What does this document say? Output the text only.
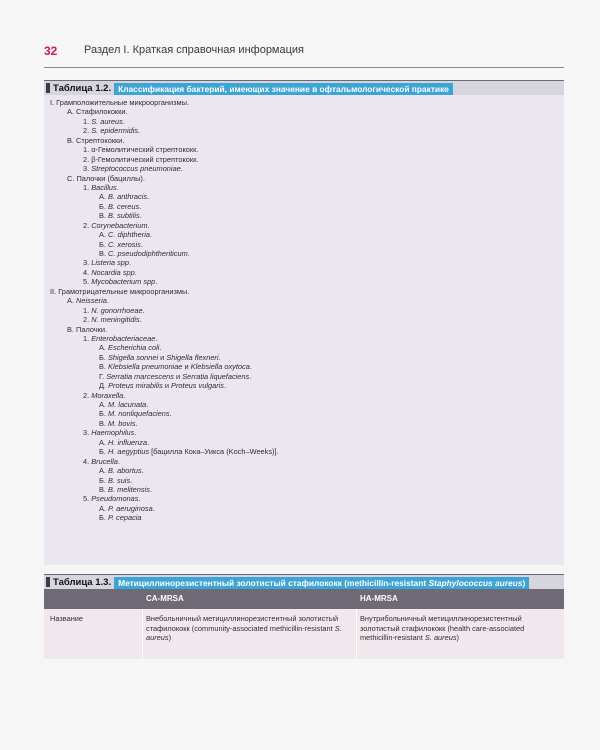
32 Раздел I. Краткая справочная информация
Таблица 1.2. Классификация бактерий, имеющих значение в офтальмологической практике

I. Грамположительные микроорганизмы.
А. Стафилококки.
1. S. aureus.
2. S. epidermidis.
В. Стрептококки.
1. α-Гемолитический стрептококк.
2. β-Гемолитический стрептококк.
3. Streptococcus pneumoniae.
С. Палочки (бациллы).
1. Bacillus.
А. B. anthracis.
Б. B. cereus.
В. B. subtilis.
2. Corynebacterium.
А. C. diphtheria.
Б. C. xerosis.
В. C. pseudodiphtheriticum.
3. Listeria spp.
4. Nocardia spp.
5. Mycobacterium spp.
II. Грамотрицательные микроорганизмы.
А. Neisseria.
1. N. gonorrhoeae.
2. N. meningitidis.
В. Палочки.
1. Enterobacteriaceae.
А. Escherichia coli.
Б. Shigella sonnei и Shigella flexneri.
В. Klebsiella pneumoniae и Klebsiella oxytoca.
Г. Serratia marcescens и Serratia liquefaciens.
Д. Proteus mirabilis и Proteus vulgaris.
2. Moraxella.
А. M. lacunata.
Б. M. nonliquefaciens.
В. M. bovis.
3. Haemophilus.
А. H. influenza.
Б. H. aegyptius [бацилла Кока–Уикса (Koch–Weeks)].
4. Brucella.
А. B. abortus.
Б. B. suis.
В. B. melitensis.
5. Pseudomonas.
А. P. aeruginosa.
Б. P. cepacia
Таблица 1.3. Метициллинорезистентный золотистый стафилококк (methicillin-resistant Staphylococcus aureus)
CA-MRSA	HA-MRSA
Название	Внебольничный метициллинорезистентный золотистый стафилококк (community-associated methicillin-resistant S. aureus)
Внутрибольничный метициллинорезистентный золотистый стафилококк (health care-associated methicillin-resistant S. aureus)
